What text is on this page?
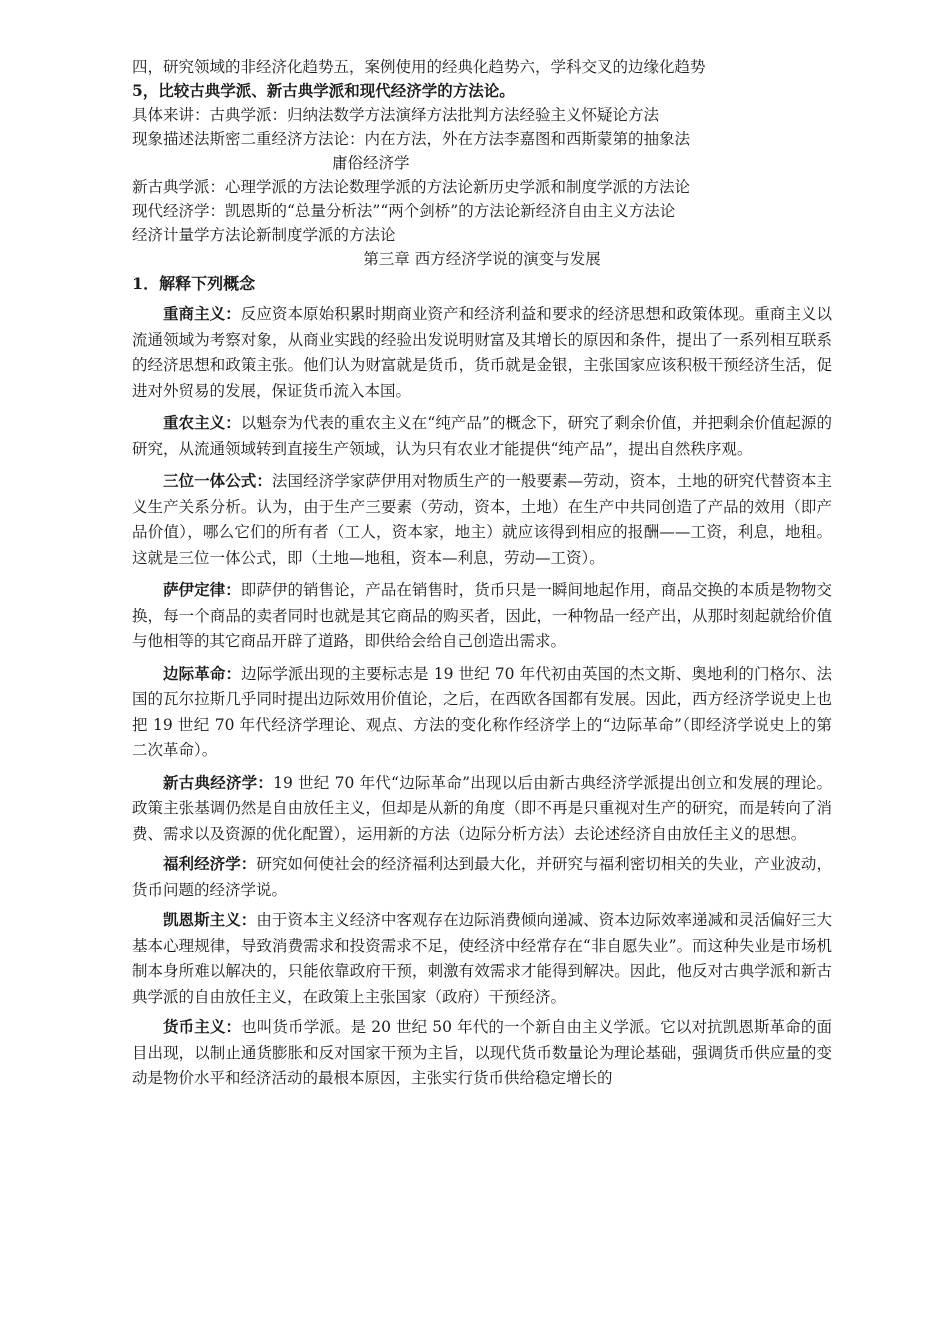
四，研究领域的非经济化趋势五，案例使用的经典化趋势六，学科交叉的边缘化趋势
5，比较古典学派、新古典学派和现代经济学的方法论。
具体来讲：古典学派：归纳法数学方法演绎方法批判方法经验主义怀疑论方法
现象描述法斯密二重经济方法论：内在方法，外在方法李嘉图和西斯蒙第的抽象法
庸俗经济学
新古典学派：心理学派的方法论数理学派的方法论新历史学派和制度学派的方法论
现代经济学：凯恩斯的“总量分析法”“两个剑桥”的方法论新经济自由主义方法论
经济计量学方法论新制度学派的方法论
第三章 西方经济学说的演变与发展
1．解释下列概念

重商主义：反应资本原始积累时期商业资产和经济利益和要求的经济思想和政策体现。重商主义以流通领域为考察对象，从商业实践的经验出发说明财富及其增长的原因和条件，提出了一系列相互联系的经济思想和政策主张。他们认为财富就是货币，货币就是金银，主张国家应该积极干预经济生活，促进对外贸易的发展，保证货币流入本国。

重农主义：以魁奈为代表的重农主义在“纯产品”的概念下，研究了剩余价值，并把剩余价值起源的研究，从流通领域转到直接生产领域，认为只有农业才能提供“纯产品”，提出自然秩序观。

三位一体公式：法国经济学家萨伊用对物质生产的一般要素—劳动，资本，土地的研究代替资本主义生产关系分析。认为，由于生产三要素（劳动，资本，土地）在生产中共同创造了产品的效用（即产品价值），哪么它们的所有者（工人，资本家，地主）就应该得到相应的报酬——工资，利息，地租。这就是三位一体公式，即（土地—地租，资本—利息，劳动—工资）。

萨伊定律：即萨伊的销售论，产品在销售时，货币只是一瞬间地起作用，商品交换的本质是物物交换，每一个商品的卖者同时也就是其它商品的购买者，因此，一种物品一经产出，从那时刻起就给价值与他相等的其它商品开辟了道路，即供给会给自己创造出需求。

边际革命：边际学派出现的主要标志是 19 世纪 70 年代初由英国的杰文斯、奥地利的门格尔、法国的瓦尔拉斯几乎同时提出边际效用价值论，之后，在西欧各国都有发展。因此，西方经济学说史上也把 19 世纪 70 年代经济学理论、观点、方法的变化称作经济学上的“边际革命”（即经济学说史上的第二次革命）。

新古典经济学：19 世纪 70 年代“边际革命”出现以后由新古典经济学派提出创立和发展的理论。政策主张基调仍然是自由放任主义，但却是从新的角度（即不再是只重视对生产的研究，而是转向了消费、需求以及资源的优化配置），运用新的方法（边际分析方法）去论述经济自由放任主义的思想。

福利经济学：研究如何使社会的经济福利达到最大化，并研究与福利密切相关的失业，产业波动，货币问题的经济学说。

凯恩斯主义：由于资本主义经济中客观存在边际消费倾向递减、资本边际效率递减和灵活偏好三大基本心理规律，导致消费需求和投资需求不足，使经济中经常存在“非自愿失业”。而这种失业是市场机制本身所难以解决的，只能依靠政府干预，刺激有效需求才能得到解决。因此，他反对古典学派和新古典学派的自由放任主义，在政策上主张国家（政府）干预经济。

货币主义：也叫货币学派。是 20 世纪 50 年代的一个新自由主义学派。它以对抗凯恩斯革命的面目出现，以制止通货膨胀和反对国家干预为主旨，以现代货币数量论为理论基础，强调货币供应量的变动是物价水平和经济活动的最根本原因，主张实行货币供给稳定增长的
